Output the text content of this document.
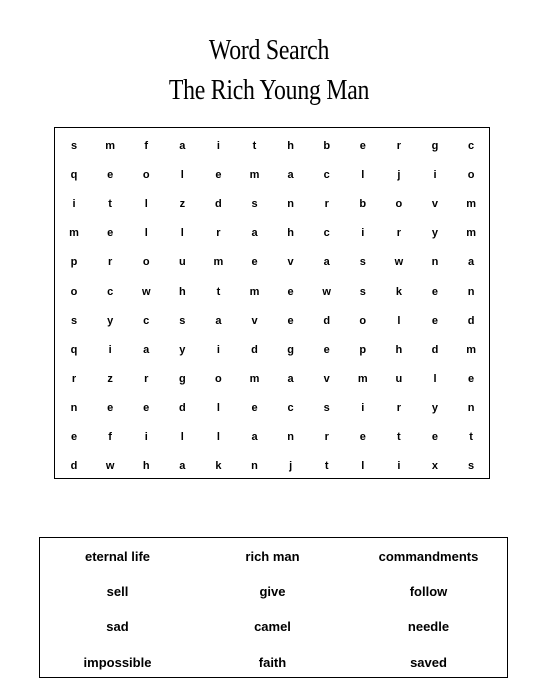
Word Search
The Rich Young Man
s	m	f	a	i	t	h	b	e	r	g	c
q	e	o	l	e	m	a	c	l	j	i	o
i	t	l	z	d	s	n	r	b	o	v	m
m	e	l	l	r	a	h	c	i	r	y	m
p	r	o	u	m	e	v	a	s	w	n	a
o	c	w	h	t	m	e	w	s	k	e	n
s	y	c	s	a	v	e	d	o	l	e	d
q	i	a	y	i	d	g	e	p	h	d	m
r	z	r	g	o	m	a	v	m	u	l	e
n	e	e	d	l	e	c	s	i	r	y	n
e	f	i	l	l	a	n	r	e	t	e	t
d	w	h	a	k	n	j	t	l	i	x	s
eternal life	rich man	commandments
sell	give	follow
sad	camel	needle
impossible	faith	saved
